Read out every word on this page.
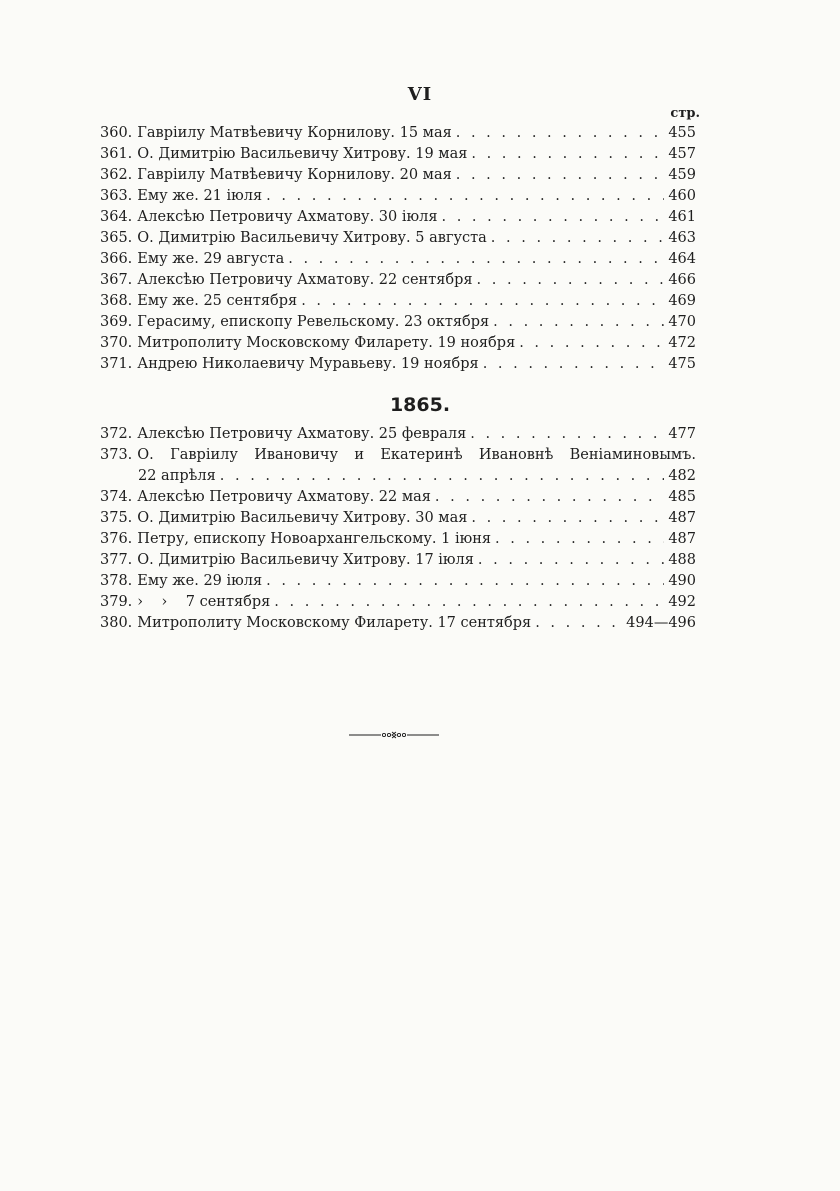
VI
стр.
360. Гавріилу Матвѣевичу Корнилову. 15 мая . . .	455
361. О. Димитрію Васильевичу Хитрову. 19 мая . . .	457
362. Гавріилу Матвѣевичу Корнилову. 20 мая . . .	459
363. Ему же. 21 іюля . . .	460
364. Алексѣю Петровичу Ахматову. 30 іюля . . .	461
365. О. Димитрію Васильевичу Хитрову. 5 августа . . .	463
366. Ему же. 29 августа . . .	464
367. Алексѣю Петровичу Ахматову. 22 сентября . . .	466
368. Ему же. 25 сентября . . .	469
369. Герасиму, епископу Ревельскому. 23 октября . . .	470
370. Митрополиту Московскому Филарету. 19 ноября . . .	472
371. Андрею Николаевичу Муравьеву. 19 ноября . . .	475
1865.
372. Алексѣю Петровичу Ахматову. 25 февраля . . .	477
373. О. Гавріилу Ивановичу и Екатеринѣ Ивановнѣ Веніаминовымъ.
22 апрѣля . . .	482
374. Алексѣю Петровичу Ахматову. 22 мая . . .	485
375. О. Димитрію Васильевичу Хитрову. 30 мая . . .	487
376. Петру, епископу Новоархангельскому. 1 іюня . . .	487
377. О. Димитрію Васильевичу Хитрову. 17 іюля . . .	488
378. Ему же. 29 іюля . . .	490
379. ›    ›    7 сентября . . .	492
380. Митрополиту Московскому Филарету. 17 сентября . . .	494—496
